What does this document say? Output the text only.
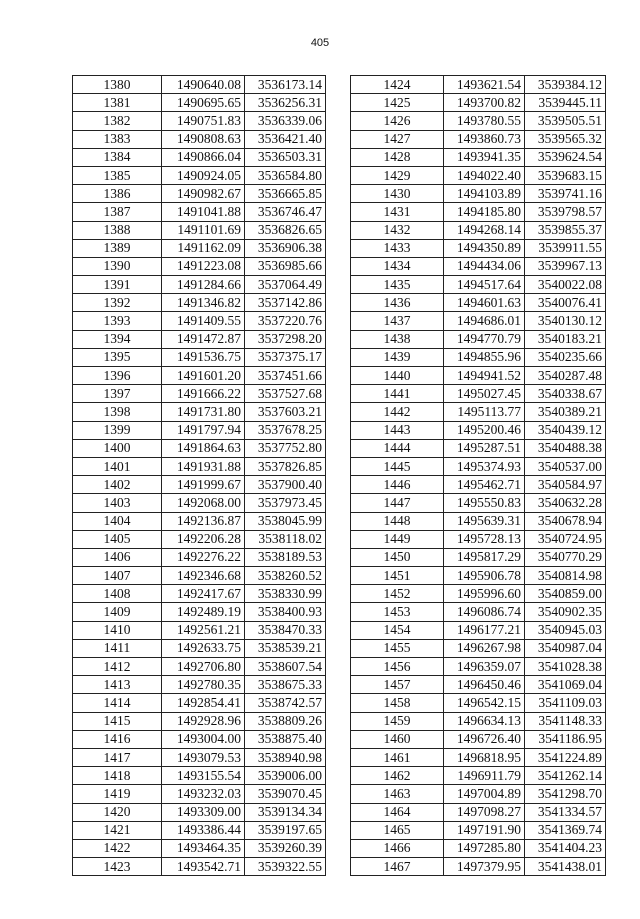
405
1380	1490640.08	3536173.14
1381	1490695.65	3536256.31
1382	1490751.83	3536339.06
1383	1490808.63	3536421.40
1384	1490866.04	3536503.31
1385	1490924.05	3536584.80
1386	1490982.67	3536665.85
1387	1491041.88	3536746.47
1388	1491101.69	3536826.65
1389	1491162.09	3536906.38
1390	1491223.08	3536985.66
1391	1491284.66	3537064.49
1392	1491346.82	3537142.86
1393	1491409.55	3537220.76
1394	1491472.87	3537298.20
1395	1491536.75	3537375.17
1396	1491601.20	3537451.66
1397	1491666.22	3537527.68
1398	1491731.80	3537603.21
1399	1491797.94	3537678.25
1400	1491864.63	3537752.80
1401	1491931.88	3537826.85
1402	1491999.67	3537900.40
1403	1492068.00	3537973.45
1404	1492136.87	3538045.99
1405	1492206.28	3538118.02
1406	1492276.22	3538189.53
1407	1492346.68	3538260.52
1408	1492417.67	3538330.99
1409	1492489.19	3538400.93
1410	1492561.21	3538470.33
1411	1492633.75	3538539.21
1412	1492706.80	3538607.54
1413	1492780.35	3538675.33
1414	1492854.41	3538742.57
1415	1492928.96	3538809.26
1416	1493004.00	3538875.40
1417	1493079.53	3538940.98
1418	1493155.54	3539006.00
1419	1493232.03	3539070.45
1420	1493309.00	3539134.34
1421	1493386.44	3539197.65
1422	1493464.35	3539260.39
1423	1493542.71	3539322.55
1424	1493621.54	3539384.12
1425	1493700.82	3539445.11
1426	1493780.55	3539505.51
1427	1493860.73	3539565.32
1428	1493941.35	3539624.54
1429	1494022.40	3539683.15
1430	1494103.89	3539741.16
1431	1494185.80	3539798.57
1432	1494268.14	3539855.37
1433	1494350.89	3539911.55
1434	1494434.06	3539967.13
1435	1494517.64	3540022.08
1436	1494601.63	3540076.41
1437	1494686.01	3540130.12
1438	1494770.79	3540183.21
1439	1494855.96	3540235.66
1440	1494941.52	3540287.48
1441	1495027.45	3540338.67
1442	1495113.77	3540389.21
1443	1495200.46	3540439.12
1444	1495287.51	3540488.38
1445	1495374.93	3540537.00
1446	1495462.71	3540584.97
1447	1495550.83	3540632.28
1448	1495639.31	3540678.94
1449	1495728.13	3540724.95
1450	1495817.29	3540770.29
1451	1495906.78	3540814.98
1452	1495996.60	3540859.00
1453	1496086.74	3540902.35
1454	1496177.21	3540945.03
1455	1496267.98	3540987.04
1456	1496359.07	3541028.38
1457	1496450.46	3541069.04
1458	1496542.15	3541109.03
1459	1496634.13	3541148.33
1460	1496726.40	3541186.95
1461	1496818.95	3541224.89
1462	1496911.79	3541262.14
1463	1497004.89	3541298.70
1464	1497098.27	3541334.57
1465	1497191.90	3541369.74
1466	1497285.80	3541404.23
1467	1497379.95	3541438.01
